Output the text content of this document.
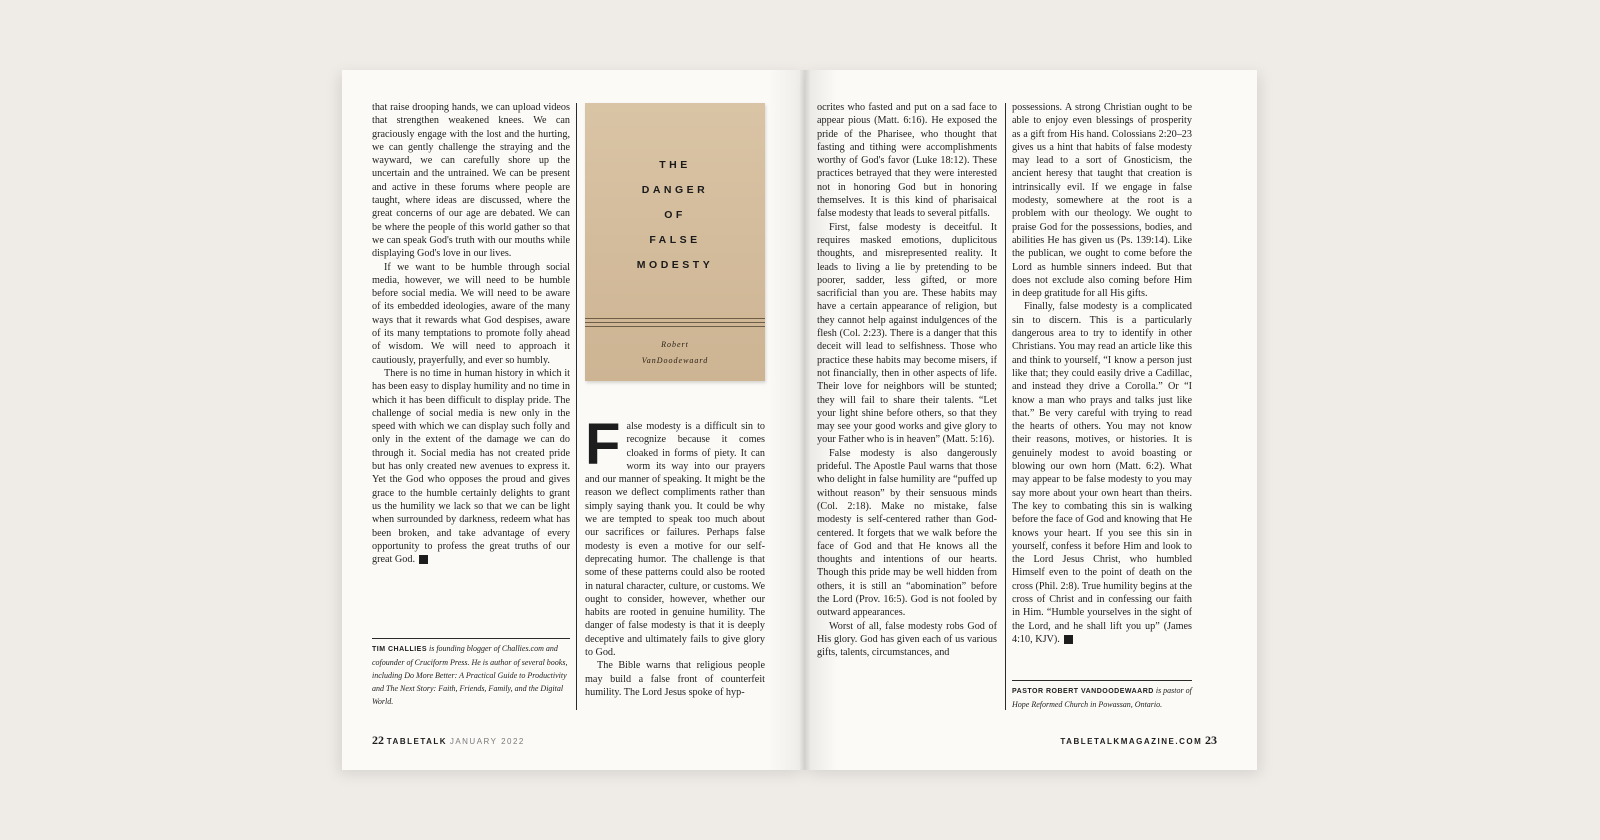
that raise drooping hands, we can upload videos that strengthen weakened knees. We can graciously engage with the lost and the hurting, we can gently challenge the straying and the wayward, we can carefully shore up the uncertain and the untrained. We can be present and active in these forums where people are taught, where ideas are discussed, where the great concerns of our age are debated. We can be where the people of this world gather so that we can speak God's truth with our mouths while displaying God's love in our lives.

If we want to be humble through social media, however, we will need to be humble before social media. We will need to be aware of its embedded ideologies, aware of the many ways that it rewards what God despises, aware of its many temptations to promote folly ahead of wisdom. We will need to approach it cautiously, prayerfully, and ever so humbly.

There is no time in human history in which it has been easy to display humility and no time in which it has been difficult to display pride. The challenge of social media is new only in the speed with which we can display such folly and only in the extent of the damage we can do through it. Social media has not created pride but has only created new avenues to express it. Yet the God who opposes the proud and gives grace to the humble certainly delights to grant us the humility we lack so that we can be light when surrounded by darkness, redeem what has been broken, and take advantage of every opportunity to profess the great truths of our great God.	T

TIM CHALLIES is founding blogger of Challies.com and cofounder of Cruciform Press. He is author of several books, including Do More Better: A Practical Guide to Productivity and The Next Story: Faith, Friends, Family, and the Digital World.
THE
DANGER
OF
FALSE
MODESTY
Robert
VanDoodewaard

False modesty is a difficult sin to recognize because it comes cloaked in forms of piety. It can worm its way into our prayers and our manner of speaking. It might be the reason we deflect compliments rather than simply saying thank you. It could be why we are tempted to speak too much about our sacrifices or failures. Perhaps false modesty is even a motive for our self-deprecating humor. The challenge is that some of these patterns could also be rooted in natural character, culture, or customs. We ought to consider, however, whether our habits are rooted in genuine humility. The danger of false modesty is that it is deeply deceptive and ultimately fails to give glory to God.

The Bible warns that religious people may build a false front of counterfeit humility. The Lord Jesus spoke of hyp-

22 TABLETALK JANUARY 2022

ocrites who fasted and put on a sad face to appear pious (Matt. 6:16). He exposed the pride of the Pharisee, who thought that fasting and tithing were accomplishments worthy of God's favor (Luke 18:12). These practices betrayed that they were interested not in honoring God but in honoring themselves. It is this kind of pharisaical false modesty that leads to several pitfalls.

First, false modesty is deceitful. It requires masked emotions, duplicitous thoughts, and misrepresented reality. It leads to living a lie by pretending to be poorer, sadder, less gifted, or more sacrificial than you are. These habits may have a certain appearance of religion, but they cannot help against indulgences of the flesh (Col. 2:23). There is a danger that this deceit will lead to selfishness. Those who practice these habits may become misers, if not financially, then in other aspects of life. Their love for neighbors will be stunted; they will fail to share their talents. “Let your light shine before others, so that they may see your good works and give glory to your Father who is in heaven” (Matt. 5:16).

False modesty is also dangerously prideful. The Apostle Paul warns that those who delight in false humility are “puffed up without reason” by their sensuous minds (Col. 2:18). Make no mistake, false modesty is self-centered rather than God-centered. It forgets that we walk before the face of God and that He knows all the thoughts and intentions of our hearts. Though this pride may be well hidden from others, it is still an “abomination” before the Lord (Prov. 16:5). God is not fooled by outward appearances.

Worst of all, false modesty robs God of His glory. God has given each of us various gifts, talents, circumstances, and

possessions. A strong Christian ought to be able to enjoy even blessings of prosperity as a gift from His hand. Colossians 2:20–23 gives us a hint that habits of false modesty may lead to a sort of Gnosticism, the ancient heresy that taught that creation is intrinsically evil. If we engage in false modesty, somewhere at the root is a problem with our theology. We ought to praise God for the possessions, bodies, and abilities He has given us (Ps. 139:14). Like the publican, we ought to come before the Lord as humble sinners indeed. But that does not exclude also coming before Him in deep gratitude for all His gifts.

Finally, false modesty is a complicated sin to discern. This is a particularly dangerous area to try to identify in other Christians. You may read an article like this and think to yourself, “I know a person just like that; they could easily drive a Cadillac, and instead they drive a Corolla.” Or “I know a man who prays and talks just like that.” Be very careful with trying to read the hearts of others. You may not know their reasons, motives, or histories. It is genuinely modest to avoid boasting or blowing our own horn (Matt. 6:2). What may appear to be false modesty to you may say more about your own heart than theirs. The key to combating this sin is walking before the face of God and knowing that He knows your heart. If you see this sin in yourself, confess it before Him and look to the Lord Jesus Christ, who humbled Himself even to the point of death on the cross (Phil. 2:8). True humility begins at the cross of Christ and in confessing our faith in Him. “Humble yourselves in the sight of the Lord, and he shall lift you up” (James 4:10, KJV).	T

PASTOR ROBERT VANDOODEWAARD is pastor of Hope Reformed Church in Powassan, Ontario.
TABLETALKMAGAZINE.COM 23
